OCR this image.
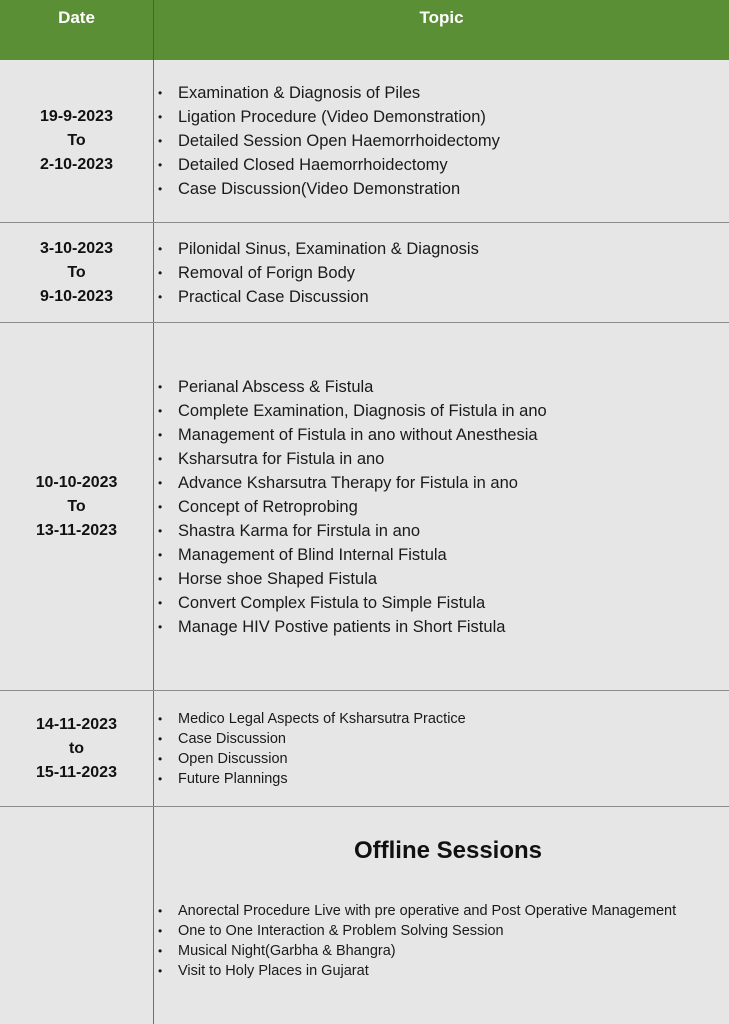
Date	Topic
19-9-2023
To
2-10-2023
• Examination & Diagnosis of Piles
• Ligation Procedure (Video Demonstration)
• Detailed Session Open Haemorrhoidectomy
• Detailed Closed Haemorrhoidectomy
• Case Discussion(Video Demonstration
3-10-2023
To
9-10-2023
• Pilonidal Sinus, Examination & Diagnosis
• Removal of Forign Body
• Practical Case Discussion
10-10-2023
To
13-11-2023
• Perianal Abscess & Fistula
• Complete Examination, Diagnosis of Fistula in ano
• Management of Fistula in ano without Anesthesia
• Ksharsutra for Fistula in ano
• Advance Ksharsutra Therapy for Fistula in ano
• Concept of Retroprobing
• Shastra Karma for Firstula in ano
• Management of Blind Internal Fistula
• Horse shoe Shaped Fistula
• Convert Complex Fistula to Simple Fistula
• Manage HIV Postive patients in Short Fistula
14-11-2023
to
15-11-2023
• Medico Legal Aspects of Ksharsutra Practice
• Case Discussion
• Open Discussion
• Future Plannings
Offline Sessions
• Anorectal Procedure Live with pre operative and Post Operative Management
• One to One Interaction & Problem Solving Session
• Musical Night(Garbha & Bhangra)
• Visit to Holy Places in Gujarat
